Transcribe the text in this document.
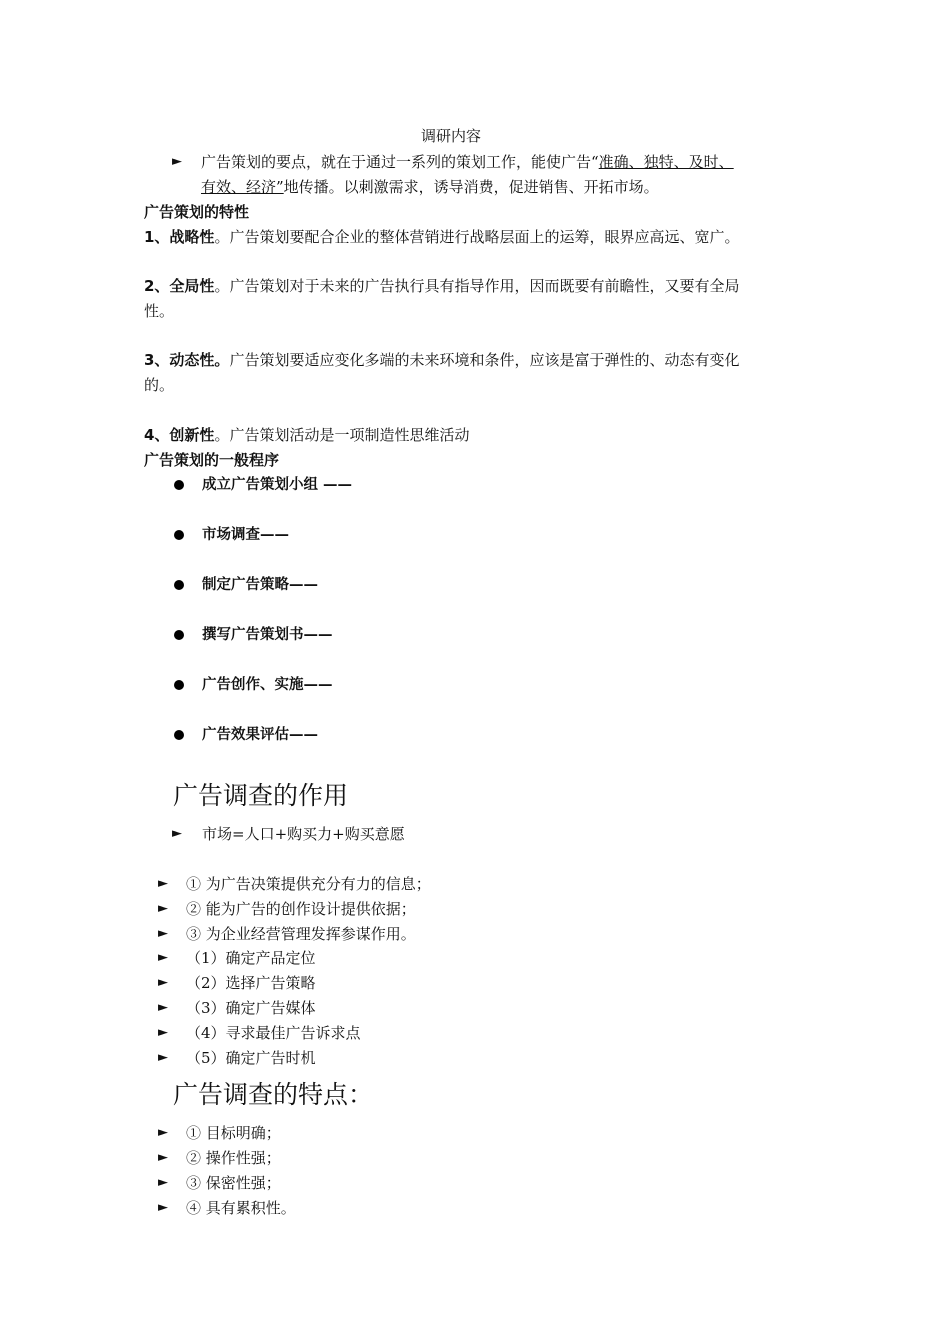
调研内容
► 广告策划的要点，就在于通过一系列的策划工作，能使广告“准确、独特、及时、
有效、经济”地传播。以刺激需求，诱导消费，促进销售、开拓市场。
广告策划的特性
1、战略性。广告策划要配合企业的整体营销进行战略层面上的运筹，眼界应高远、宽广。
2、全局性。广告策划对于未来的广告执行具有指导作用，因而既要有前瞻性，又要有全局
性。
3、动态性。广告策划要适应变化多端的未来环境和条件，应该是富于弹性的、动态有变化
的。
4、创新性。广告策划活动是一项制造性思维活动
广告策划的一般程序
成立广告策划小组 ——
市场调查——
制定广告策略——
撰写广告策划书——
广告创作、实施——
广告效果评估——
广告调查的作用
► 市场=人口+购买力+购买意愿
► ① 为广告决策提供充分有力的信息；
► ② 能为广告的创作设计提供依据；
► ③ 为企业经营管理发挥参谋作用。
► （1）确定产品定位
► （2）选择广告策略
► （3）确定广告媒体
► （4）寻求最佳广告诉求点
► （5）确定广告时机
广告调查的特点：
► ① 目标明确；
► ② 操作性强；
► ③ 保密性强；
► ④ 具有累积性。
